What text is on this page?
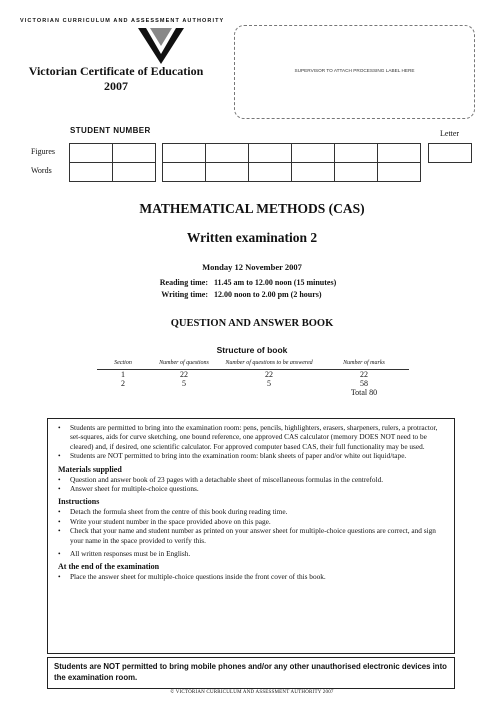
VICTORIAN CURRICULUM AND ASSESSMENT AUTHORITY
Victorian Certificate of Education
2007
SUPERVISOR TO ATTACH PROCESSING LABEL HERE
STUDENT NUMBER	Letter
Figures
Words
MATHEMATICAL METHODS (CAS)
Written examination 2
Monday 12 November 2007
Reading time: 11.45 am to 12.00 noon (15 minutes)
Writing time: 12.00 noon to 2.00 pm (2 hours)
QUESTION AND ANSWER BOOK
Structure of book
Section	Number of questions	Number of questions to be answered	Number of marks
1	22	22	22
2	5	5	58
			Total 80
• Students are permitted to bring into the examination room: pens, pencils, highlighters, erasers, sharpeners, rulers, a protractor, set-squares, aids for curve sketching, one bound reference, one approved CAS calculator (memory DOES NOT need to be cleared) and, if desired, one scientific calculator. For approved computer based CAS, their full functionality may be used.
• Students are NOT permitted to bring into the examination room: blank sheets of paper and/or white out liquid/tape.
Materials supplied
• Question and answer book of 23 pages with a detachable sheet of miscellaneous formulas in the centrefold.
• Answer sheet for multiple-choice questions.
Instructions
• Detach the formula sheet from the centre of this book during reading time.
• Write your student number in the space provided above on this page.
• Check that your name and student number as printed on your answer sheet for multiple-choice questions are correct, and sign your name in the space provided to verify this.
• All written responses must be in English.
At the end of the examination
• Place the answer sheet for multiple-choice questions inside the front cover of this book.
Students are NOT permitted to bring mobile phones and/or any other unauthorised electronic devices into the examination room.
© VICTORIAN CURRICULUM AND ASSESSMENT AUTHORITY 2007
